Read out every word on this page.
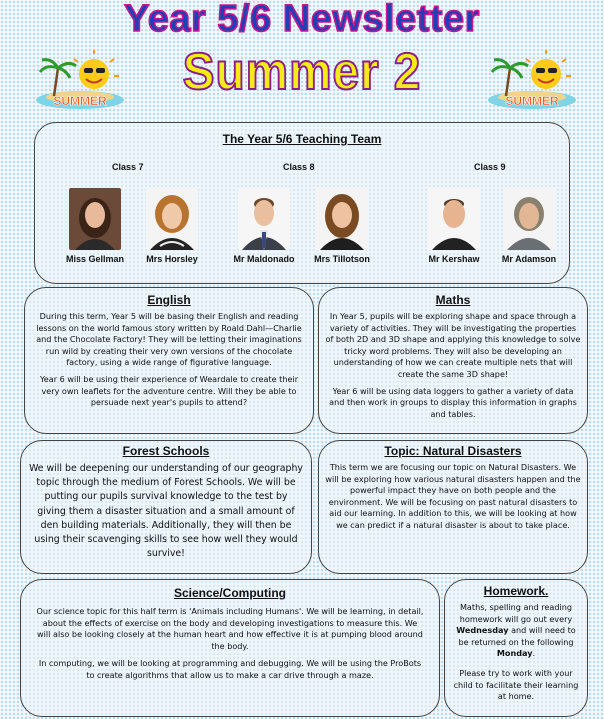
Year 5/6 Newsletter
Summer 2
SUMMER	SUMMER
The Year 5/6 Teaching Team
Class 7	Class 8	Class 9
Miss Gellman	Mrs Horsley	Mr Maldonado	Mrs Tillotson	Mr Kershaw	Mr Adamson
English

During this term, Year 5 will be basing their English and reading lessons on the world famous story written by Roald Dahl—Charlie and the Chocolate Factory! They will be letting their imaginations run wild by creating their very own versions of the chocolate factory, using a wide range of figurative language.

Year 6 will be using their experience of Weardale to create their very own leaflets for the adventure centre. Will they be able to persuade next year's pupils to attend?

Maths

In Year 5, pupils will be exploring shape and space through a variety of activities. They will be investigating the properties of both 2D and 3D shape and applying this knowledge to solve tricky word problems. They will also be developing an understanding of how we can create multiple nets that will create the same 3D shape!

Year 6 will be using data loggers to gather a variety of data and then work in groups to display this information in graphs and tables.

Forest Schools

We will be deepening our understanding of our geography topic through the medium of Forest Schools. We will be putting our pupils survival knowledge to the test by giving them a disaster situation and a small amount of den building materials. Additionally, they will then be using their scavenging skills to see how well they would survive!

Topic: Natural Disasters

This term we are focusing our topic on Natural Disasters. We will be exploring how various natural disasters happen and the powerful impact they have on both people and the environment. We will be focusing on past natural disasters to aid our learning. In addition to this, we will be looking at how we can predict if a natural disaster is about to take place.

Science/Computing

Our science topic for this half term is 'Animals including Humans'. We will be learning, in detail, about the effects of exercise on the body and developing investigations to measure this. We will also be looking closely at the human heart and how effective it is at pumping blood around the body.

In computing, we will be looking at programming and debugging. We will be using the ProBots to create algorithms that allow us to make a car drive through a maze.

Homework.

Maths, spelling and reading homework will go out every Wednesday and will need to be returned on the following Monday.

Please try to work with your child to facilitate their learning at home.
